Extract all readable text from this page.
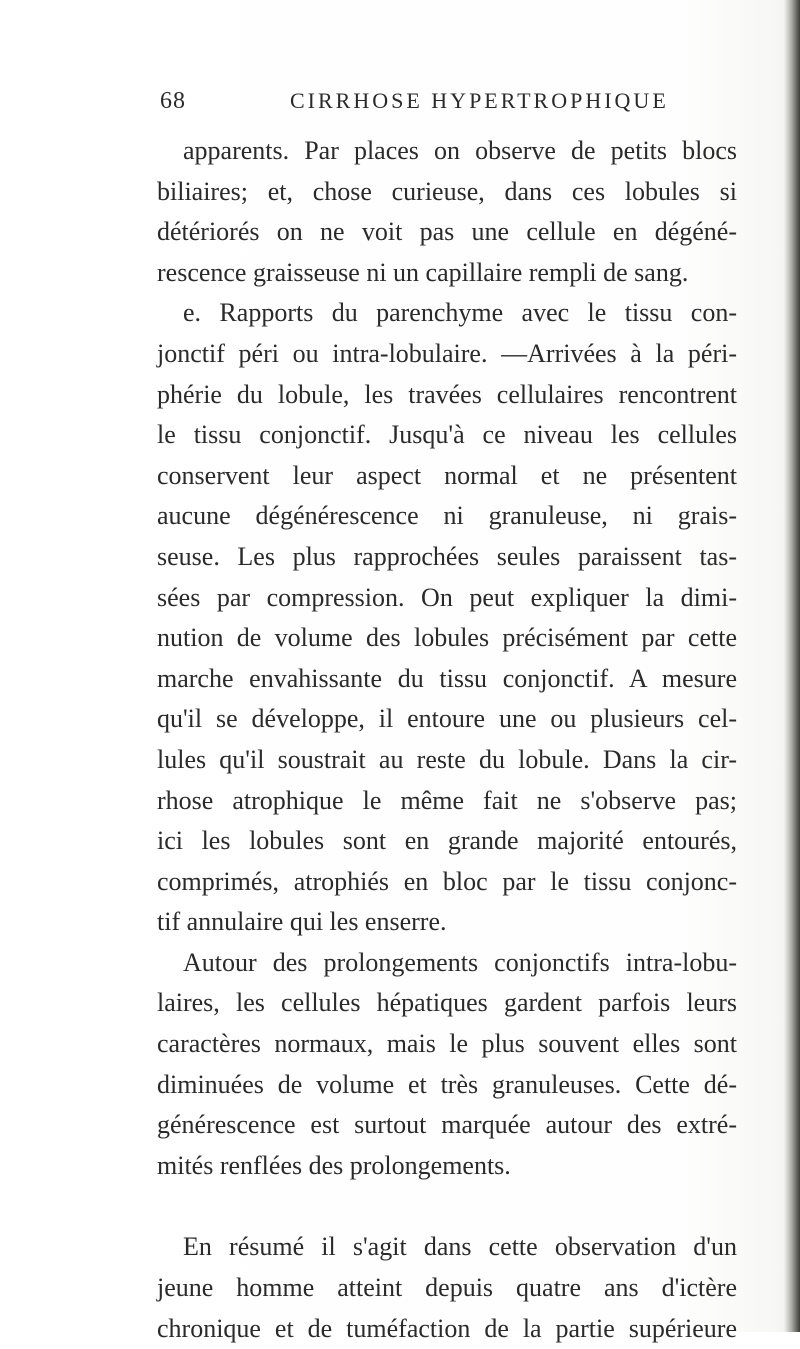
68	CIRRHOSE HYPERTROPHIQUE
apparents. Par places on observe de petits blocs
biliaires; et, chose curieuse, dans ces lobules si
détériorés on ne voit pas une cellule en dégéné-
rescence graisseuse ni un capillaire rempli de sang.
e. Rapports du parenchyme avec le tissu con-
jonctif péri ou intra-lobulaire. —Arrivées à la péri-
phérie du lobule, les travées cellulaires rencontrent
le tissu conjonctif. Jusqu'à ce niveau les cellules
conservent leur aspect normal et ne présentent
aucune dégénérescence ni granuleuse, ni grais-
seuse. Les plus rapprochées seules paraissent tas-
sées par compression. On peut expliquer la dimi-
nution de volume des lobules précisément par cette
marche envahissante du tissu conjonctif. A mesure
qu'il se développe, il entoure une ou plusieurs cel-
lules qu'il soustrait au reste du lobule. Dans la cir-
rhose atrophique le même fait ne s'observe pas;
ici les lobules sont en grande majorité entourés,
comprimés, atrophiés en bloc par le tissu conjonc-
tif annulaire qui les enserre.
Autour des prolongements conjonctifs intra-lobu-
laires, les cellules hépatiques gardent parfois leurs
caractères normaux, mais le plus souvent elles sont
diminuées de volume et très granuleuses. Cette dé-
générescence est surtout marquée autour des extré-
mités renflées des prolongements.
En résumé il s'agit dans cette observation d'un
jeune homme atteint depuis quatre ans d'ictère
chronique et de tuméfaction de la partie supérieure
